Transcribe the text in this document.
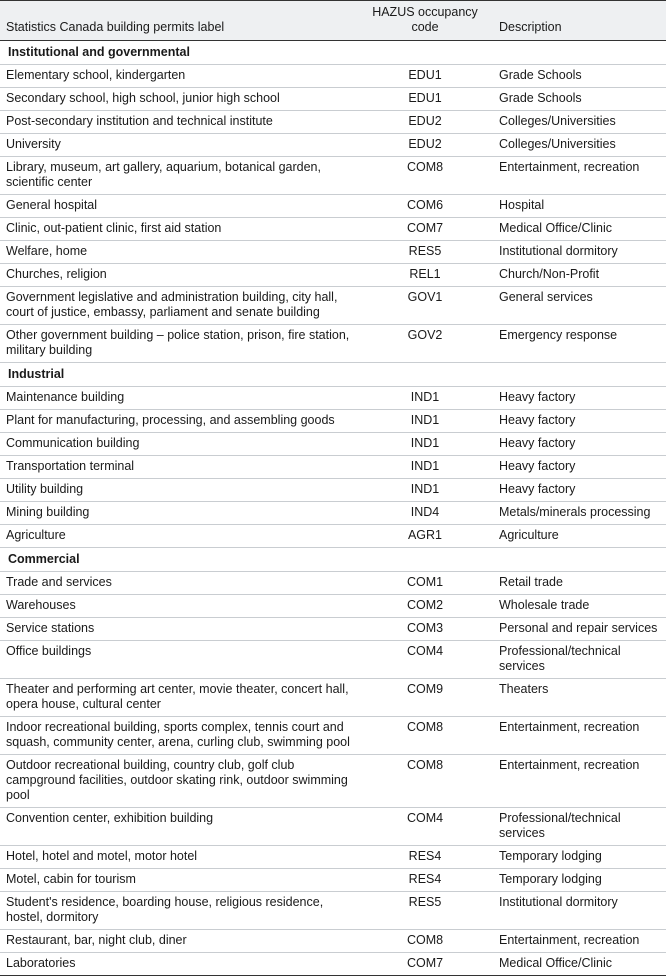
Statistics Canada building permits label	HAZUS occupancy code	Description
Institutional and governmental		
Elementary school, kindergarten	EDU1	Grade Schools
Secondary school, high school, junior high school	EDU1	Grade Schools
Post-secondary institution and technical institute	EDU2	Colleges/Universities
University	EDU2	Colleges/Universities
Library, museum, art gallery, aquarium, botanical garden, scientific center	COM8	Entertainment, recreation
General hospital	COM6	Hospital
Clinic, out-patient clinic, first aid station	COM7	Medical Office/Clinic
Welfare, home	RES5	Institutional dormitory
Churches, religion	REL1	Church/Non-Profit
Government legislative and administration building, city hall, court of justice, embassy, parliament and senate building	GOV1	General services
Other government building – police station, prison, fire station, military building	GOV2	Emergency response
Industrial		
Maintenance building	IND1	Heavy factory
Plant for manufacturing, processing, and assembling goods	IND1	Heavy factory
Communication building	IND1	Heavy factory
Transportation terminal	IND1	Heavy factory
Utility building	IND1	Heavy factory
Mining building	IND4	Metals/minerals processing
Agriculture	AGR1	Agriculture
Commercial		
Trade and services	COM1	Retail trade
Warehouses	COM2	Wholesale trade
Service stations	COM3	Personal and repair services
Office buildings	COM4	Professional/technical services
Theater and performing art center, movie theater, concert hall, opera house, cultural center	COM9	Theaters
Indoor recreational building, sports complex, tennis court and squash, community center, arena, curling club, swimming pool	COM8	Entertainment, recreation
Outdoor recreational building, country club, golf club campground facilities, outdoor skating rink, outdoor swimming pool	COM8	Entertainment, recreation
Convention center, exhibition building	COM4	Professional/technical services
Hotel, hotel and motel, motor hotel	RES4	Temporary lodging
Motel, cabin for tourism	RES4	Temporary lodging
Student's residence, boarding house, religious residence, hostel, dormitory	RES5	Institutional dormitory
Restaurant, bar, night club, diner	COM8	Entertainment, recreation
Laboratories	COM7	Medical Office/Clinic
